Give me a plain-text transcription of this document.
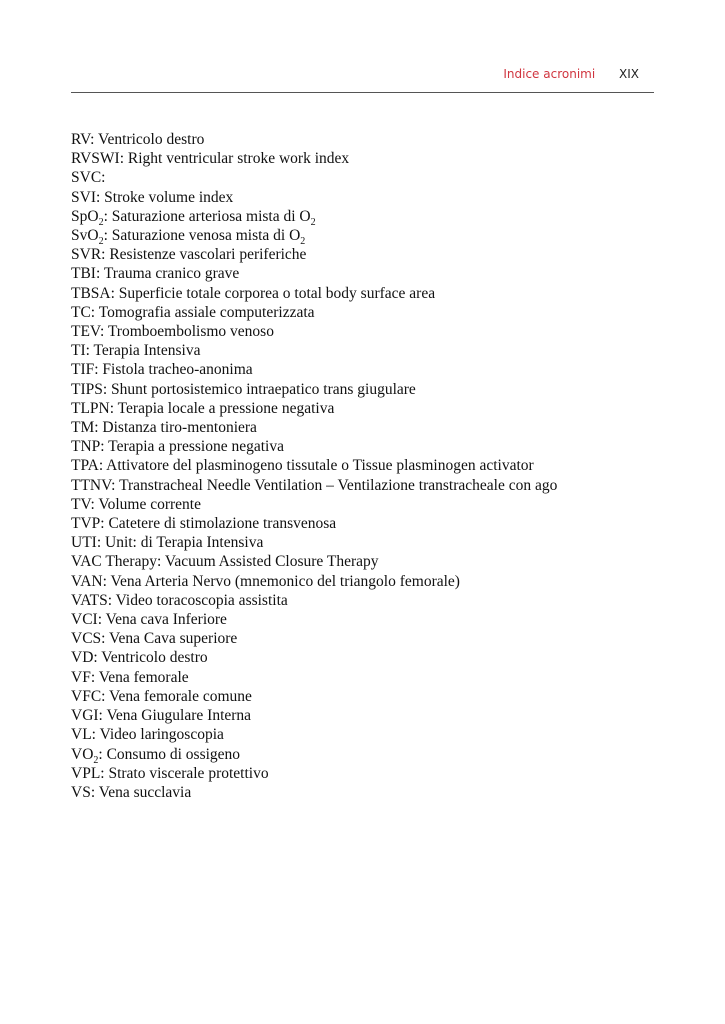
Indice acronimi XIX
RV: Ventricolo destro
RVSWI: Right ventricular stroke work index
SVC:
SVI: Stroke volume index
SpO$_2$: Saturazione arteriosa mista di $O_2$
SvO$_2$: Saturazione venosa mista di $O_2$
SVR: Resistenze vascolari periferiche
TBI: Trauma cranico grave
TBSA: Superficie totale corporea o total body surface area
TC: Tomografia assiale computerizzata
TEV: Tromboembolismo venoso
TI: Terapia Intensiva
TIF: Fistola tracheo-anonima
TIPS: Shunt portosistemico intraepatico trans giugulare
TLPN: Terapia locale a pressione negativa
TM: Distanza tiro-mentoniera
TNP: Terapia a pressione negativa
TPA: Attivatore del plasminogeno tissutale o Tissue plasminogen activator
TTNV: Transtracheal Needle Ventilation – Ventilazione transtracheale con ago
TV: Volume corrente
TVP: Catetere di stimolazione transvenosa
UTI: Unit: di Terapia Intensiva
VAC Therapy: Vacuum Assisted Closure Therapy
VAN: Vena Arteria Nervo (mnemonico del triangolo femorale)
VATS: Video toracoscopia assistita
VCI: Vena cava Inferiore
VCS: Vena Cava superiore
VD: Ventricolo destro
VF: Vena femorale
VFC: Vena femorale comune
VGI: Vena Giugulare Interna
VL: Video laringoscopia
$VO_2$: Consumo di ossigeno
VPL: Strato viscerale protettivo
VS: Vena succlavia
